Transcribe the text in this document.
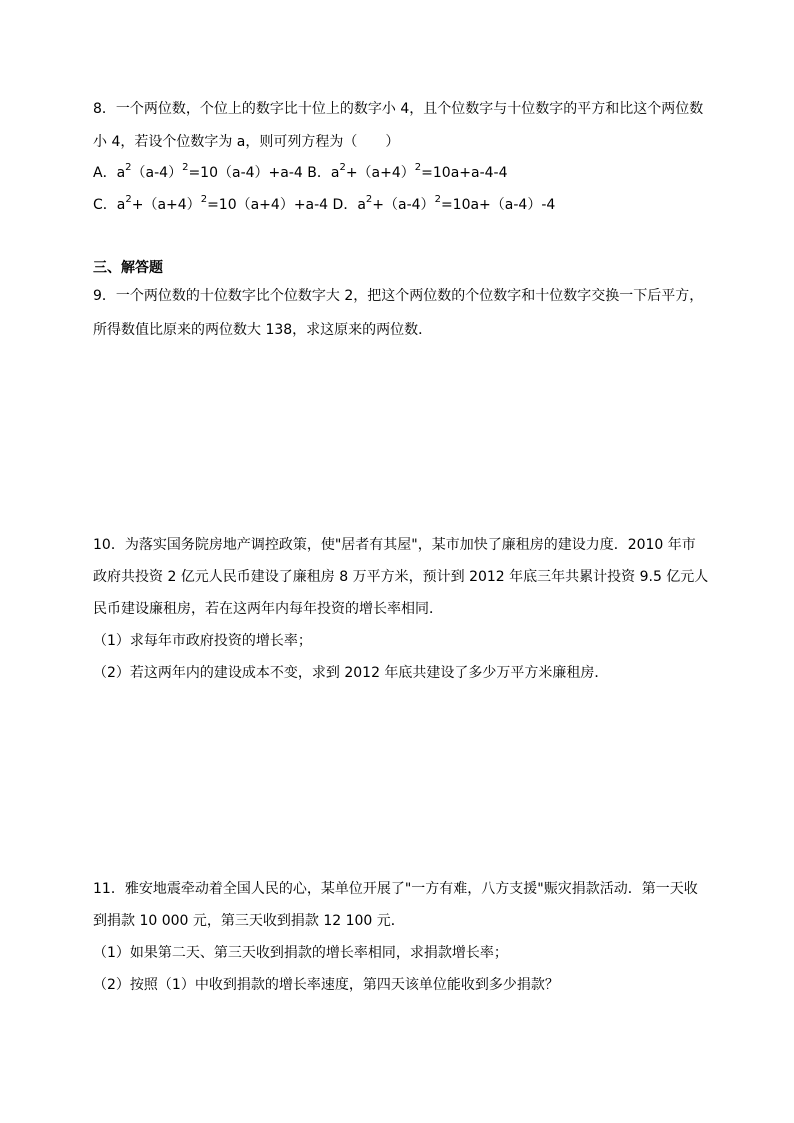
8．一个两位数，个位上的数字比十位上的数字小 4，且个位数字与十位数字的平方和比这个两位数
小 4，若设个位数字为 a，则可列方程为（　　）
A．$a^2(a-4)^2=10(a-4)+a-4$ B．$a^2+(a+4)^2=10a+a-4-4$
C．$a^2+(a+4)^2=10(a+4)+a-4$ D．$a^2+(a-4)^2=10a+(a-4)-4$
三、解答题
9．一个两位数的十位数字比个位数字大 2，把这个两位数的个位数字和十位数字交换一下后平方，
所得数值比原来的两位数大 138，求这原来的两位数．
10．为落实国务院房地产调控政策，使"居者有其屋"，某市加快了廉租房的建设力度．2010 年市
政府共投资 2 亿元人民币建设了廉租房 8 万平方米，预计到 2012 年底三年共累计投资 9.5 亿元人
民币建设廉租房，若在这两年内每年投资的增长率相同．
（1）求每年市政府投资的增长率；
（2）若这两年内的建设成本不变，求到 2012 年底共建设了多少万平方米廉租房．
11．雅安地震牵动着全国人民的心，某单位开展了"一方有难，八方支援"赈灾捐款活动．第一天收
到捐款 10 000 元，第三天收到捐款 12 100 元．
（1）如果第二天、第三天收到捐款的增长率相同，求捐款增长率；
（2）按照（1）中收到捐款的增长率速度，第四天该单位能收到多少捐款？
